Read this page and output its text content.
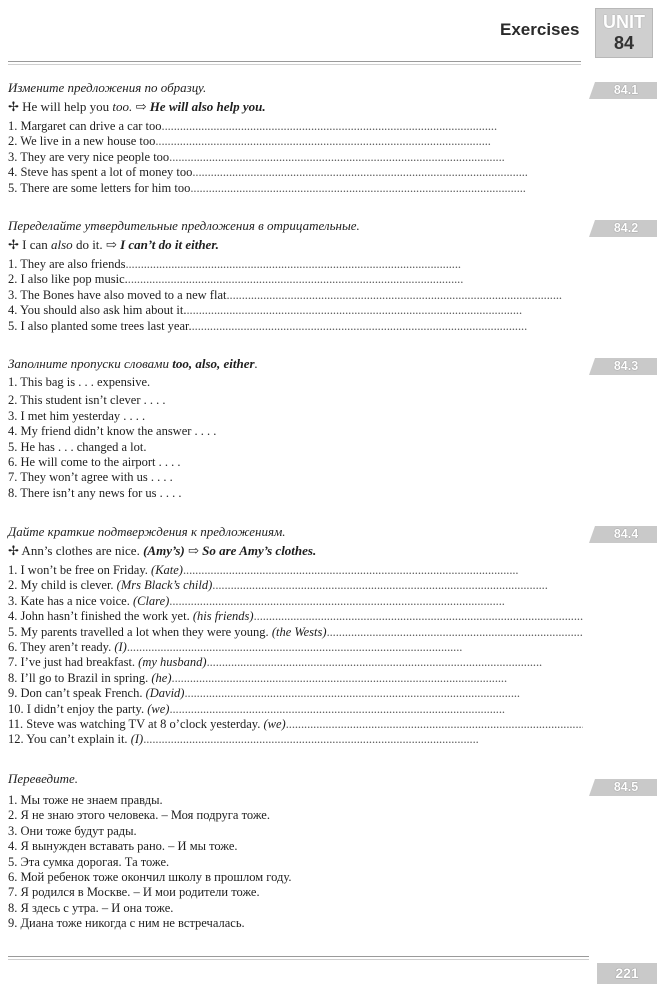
Exercises	UNIT
84
84.1

Измените предложения по образцу.

✢ He will help you too. ⇨ He will also help you.

1. Margaret can drive a car too
. . .
2. We live in a new house too
. . .
3. They are very nice people too
. . .
4. Steve has spent a lot of money too
. . .
5. There are some letters for him too
. . .
84.2

Переделайте утвердительные предложения в отрицательные.

✢ I can also do it. ⇨ I can’t do it either.

1. They are also friends
. . .
2. I also like pop music.
. . .
3. The Bones have also moved to a new flat
. . .
4. You should also ask him about it.
. . .
5. I also planted some trees last year.
. . .
84.3

Заполните пропуски словами too, also, either.

1. This bag is . . . expensive.
2. This student isn’t clever . . . .
3. I met him yesterday . . . .
4. My friend didn’t know the answer . . . .
5. He has . . . changed a lot.
6. He will come to the airport . . . .
7. They won’t agree with us . . . .
8. There isn’t any news for us . . . .
84.4

Дайте краткие подтверждения к предложениям.

✢ Ann’s clothes are nice. (Amy’s) ⇨ So are Amy’s clothes.

1. I won’t be free on Friday. (Kate)
. . .
2. My child is clever. (Mrs Black’s child)
. . .
3. Kate has a nice voice. (Clare)
. . .
4. John hasn’t finished the work yet. (his friends)
. . .
5. My parents travelled a lot when they were young. (the Wests)
. . .
6. They aren’t ready. (I)
. . .
7. I’ve just had breakfast. (my husband)
. . .
8. I’ll go to Brazil in spring. (he)
. . .
9. Don can’t speak French. (David)
. . .
10. I didn’t enjoy the party. (we)
. . .
11. Steve was watching TV at 8 o’clock yesterday. (we)
. . .
12. You can’t explain it. (I)
. . .
84.5

Переведите.

1. Мы тоже не знаем правды.
2. Я не знаю этого человека. – Моя подруга тоже.
3. Они тоже будут рады.
4. Я вынужден вставать рано. – И мы тоже.
5. Эта сумка дорогая. Та тоже.
6. Мой ребенок тоже окончил школу в прошлом году.
7. Я родился в Москве. – И мои родители тоже.
8. Я здесь с утра. – И она тоже.
9. Диана тоже никогда с ним не встречалась.
221
